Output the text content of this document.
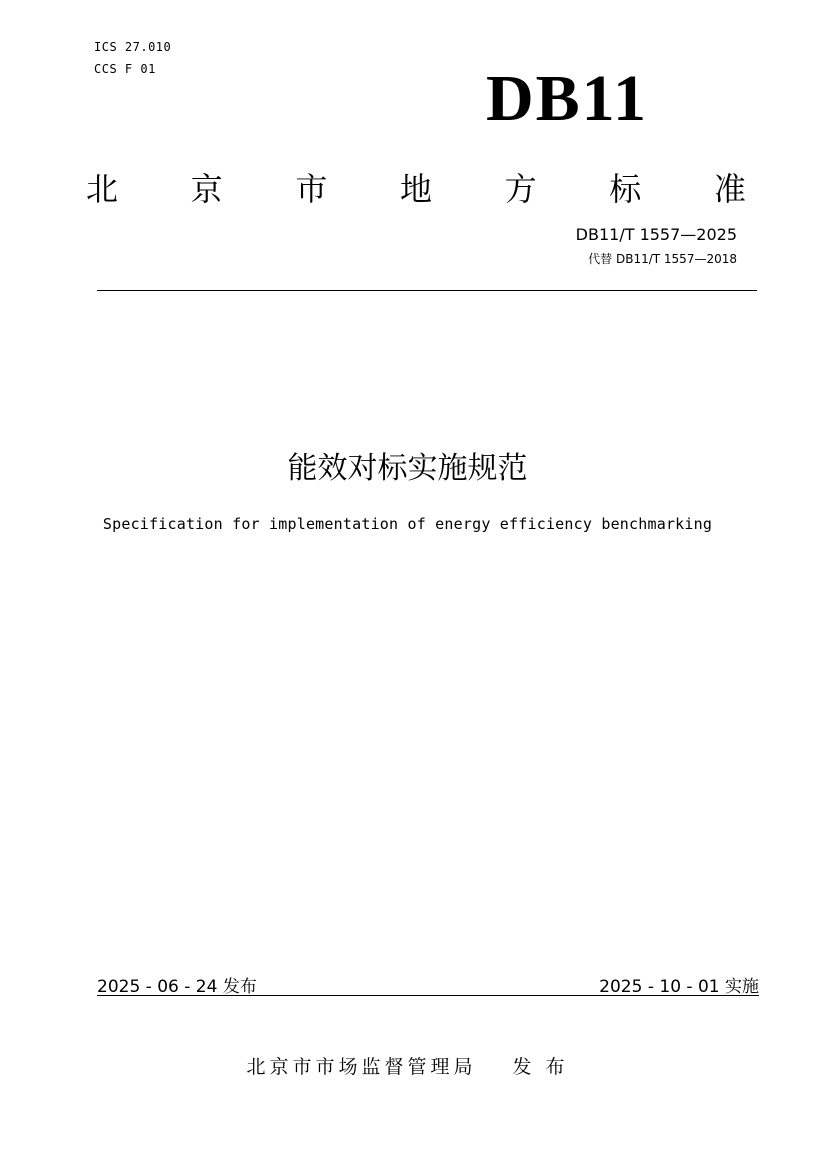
ICS 27.010
CCS F 01	DB11
北 京 市 地 方 标 准
DB11/T 1557—2025
代替 DB11/T 1557—2018
能效对标实施规范
Specification for implementation of energy efficiency benchmarking
2025 - 06 - 24 发布	2025 - 10 - 01 实施
北京市市场监督管理局 发 布
